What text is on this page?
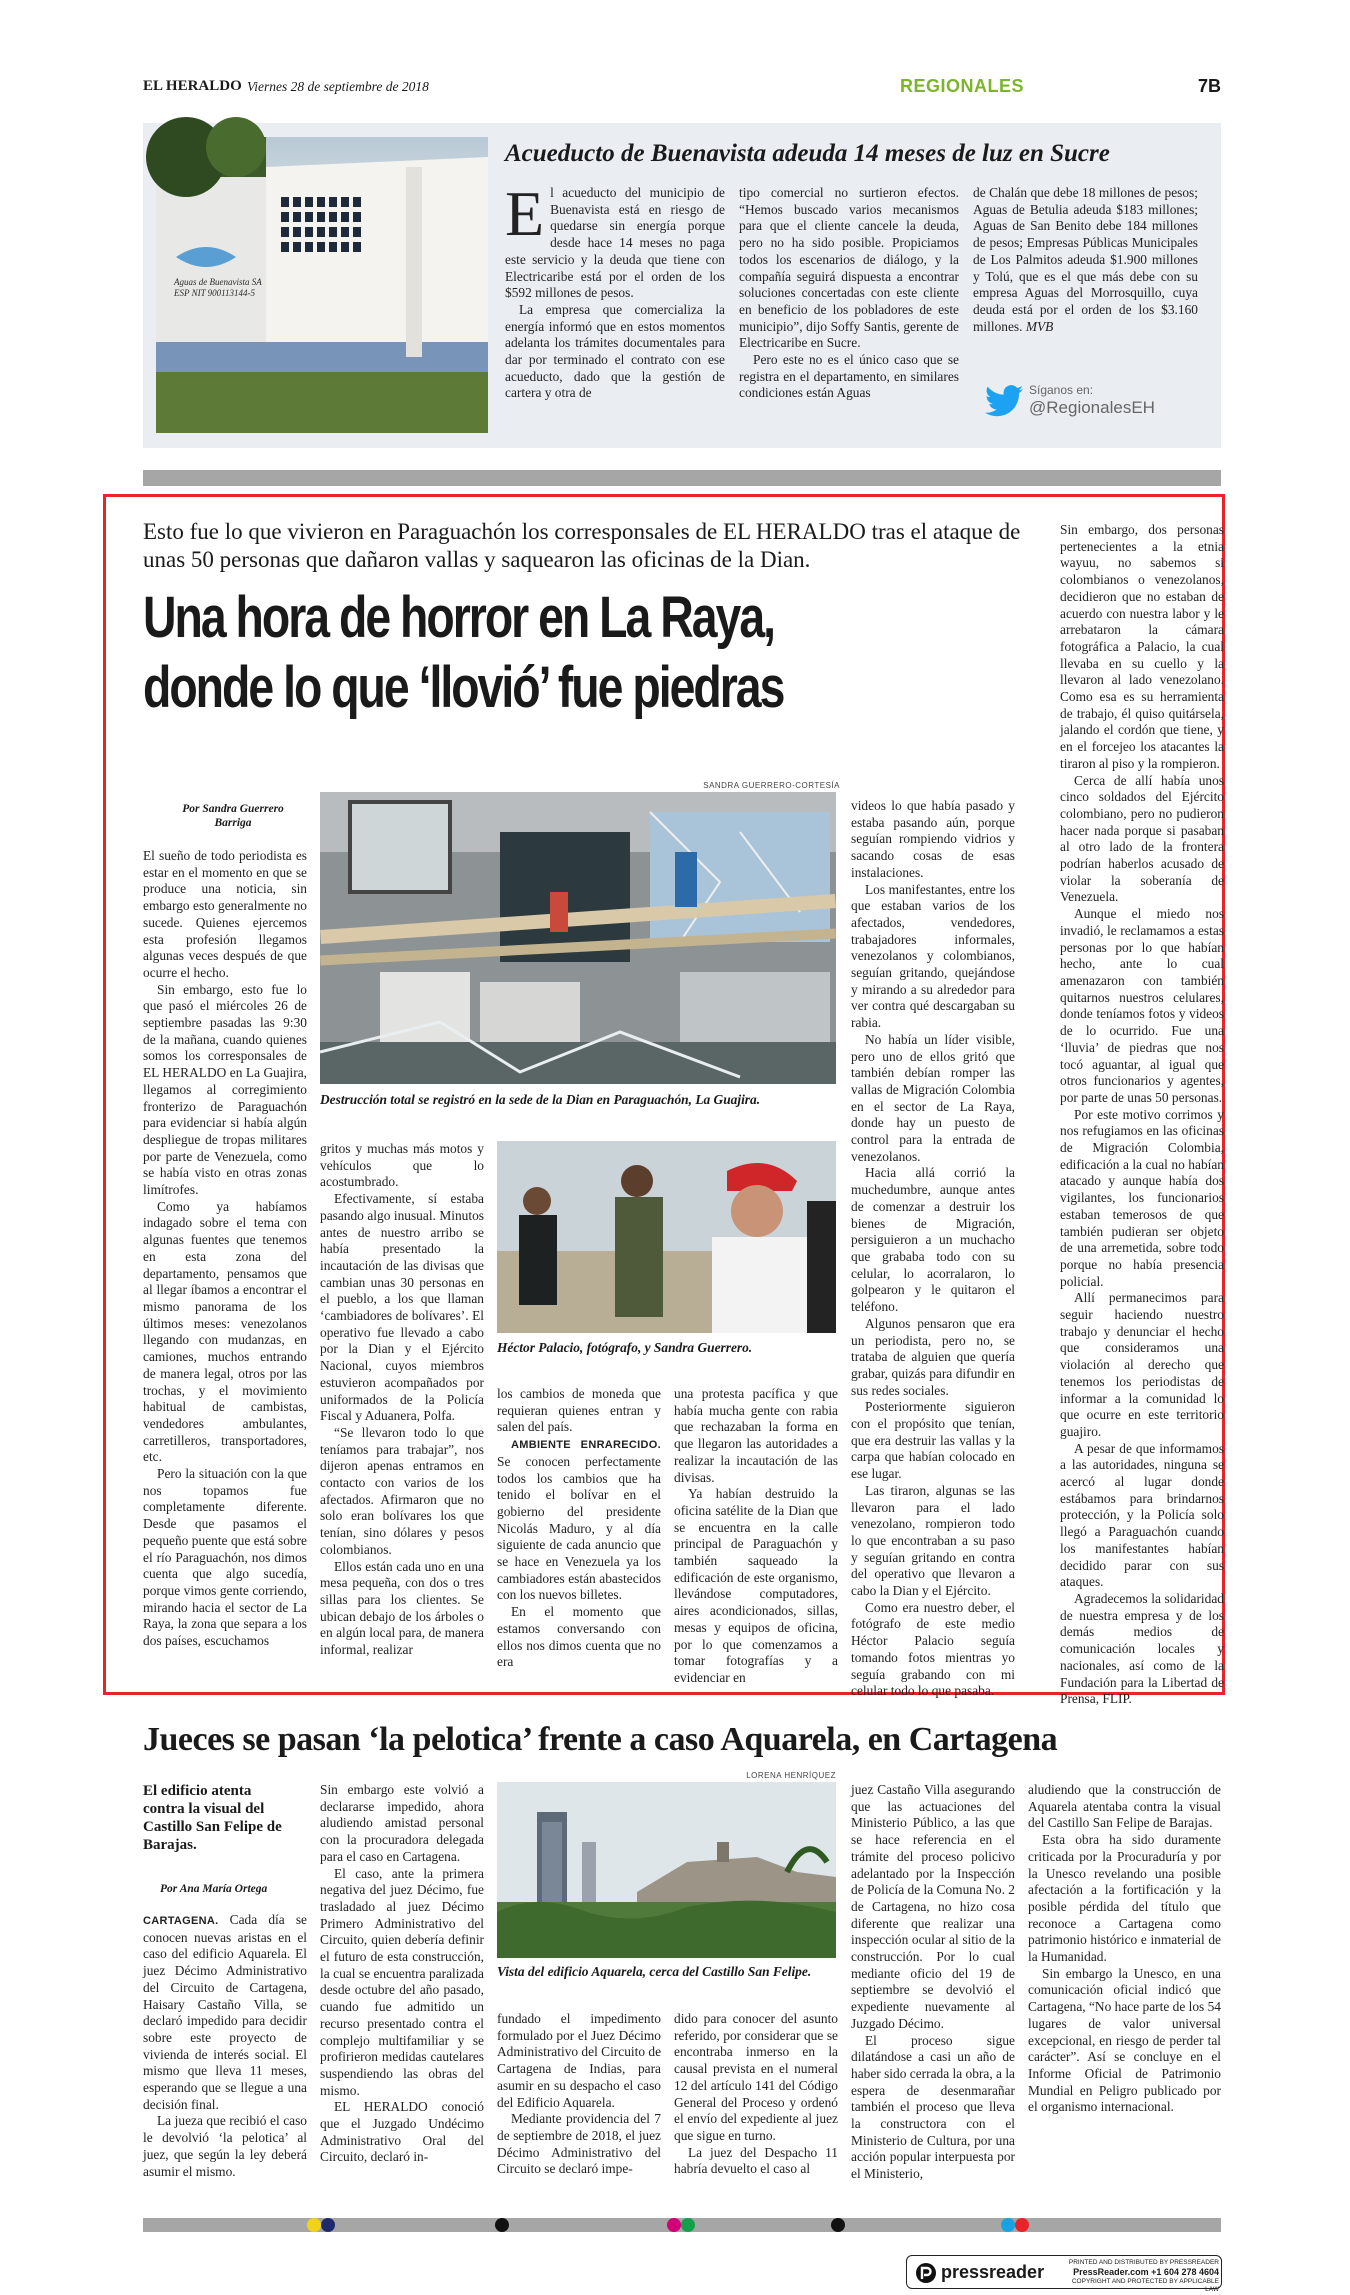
EL HERALDO Viernes 28 de septiembre de 2018	REGIONALES	7B
Aguas de Buenavista SA ESP NIT 900113144-5
Acueducto de Buenavista adeuda 14 meses de luz en Sucre

El acueducto del municipio de Buenavista está en riesgo de quedarse sin energía porque desde hace 14 meses no paga este servicio y la deuda que tiene con Electricaribe está por el orden de los $592 millones de pesos.

La empresa que comercializa la energía informó que en estos momentos adelanta los trámites documentales para dar por terminado el contrato con ese acueducto, dado que la gestión de cartera y otra de

tipo comercial no surtieron efectos. “Hemos buscado varios mecanismos para que el cliente cancele la deuda, pero no ha sido posible. Propiciamos todos los escenarios de diálogo, y la compañía seguirá dispuesta a encontrar soluciones concertadas con este cliente en beneficio de los pobladores de este municipio”, dijo Soffy Santis, gerente de Electricaribe en Sucre.

Pero este no es el único caso que se registra en el departamento, en similares condiciones están Aguas

de Chalán que debe 18 millones de pesos; Aguas de Betulia adeuda $183 millones; Aguas de San Benito debe 184 millones de pesos; Empresas Públicas Municipales de Los Palmitos adeuda $1.900 millones y Tolú, que es el que más debe con su empresa Aguas del Morrosquillo, cuya deuda está por el orden de los $3.160 millones. MVB

Síganos en:
@RegionalesEH
Esto fue lo que vivieron en Paraguachón los corresponsales de EL HERALDO tras el ataque de unas 50 personas que dañaron vallas y saquearon las oficinas de la Dian.
Una hora de horror en La Raya,
donde lo que ‘llovió’ fue piedras
SANDRA GUERRERO-CORTESÍA
Destrucción total se registró en la sede de la Dian en Paraguachón, La Guajira.
Héctor Palacio, fotógrafo, y Sandra Guerrero.
Por Sandra Guerrero Barriga

El sueño de todo periodista es estar en el momento en que se produce una noticia, sin embargo esto generalmente no sucede. Quienes ejercemos esta profesión llegamos algunas veces después de que ocurre el hecho.

Sin embargo, esto fue lo que pasó el miércoles 26 de septiembre pasadas las 9:30 de la mañana, cuando quienes somos los corresponsales de EL HERALDO en La Guajira, llegamos al corregimiento fronterizo de Paraguachón para evidenciar si había algún despliegue de tropas militares por parte de Venezuela, como se había visto en otras zonas limítrofes.

Como ya habíamos indagado sobre el tema con algunas fuentes que tenemos en esta zona del departamento, pensamos que al llegar íbamos a encontrar el mismo panorama de los últimos meses: venezolanos llegando con mudanzas, en camiones, muchos entrando de manera legal, otros por las trochas, y el movimiento habitual de cambistas, vendedores ambulantes, carretilleros, transportadores, etc.

Pero la situación con la que nos topamos fue completamente diferente. Desde que pasamos el pequeño puente que está sobre el río Paraguachón, nos dimos cuenta que algo sucedía, porque vimos gente corriendo, mirando hacia el sector de La Raya, la zona que separa a los dos países, escuchamos

gritos y muchas más motos y vehículos que lo acostumbrado.

Efectivamente, sí estaba pasando algo inusual. Minutos antes de nuestro arribo se había presentado la incautación de las divisas que cambian unas 30 personas en el pueblo, a los que llaman ‘cambiadores de bolívares’. El operativo fue llevado a cabo por la Dian y el Ejército Nacional, cuyos miembros estuvieron acompañados por uniformados de la Policía Fiscal y Aduanera, Polfa.

“Se llevaron todo lo que teníamos para trabajar”, nos dijeron apenas entramos en contacto con varios de los afectados. Afirmaron que no solo eran bolívares los que tenían, sino dólares y pesos colombianos.

Ellos están cada uno en una mesa pequeña, con dos o tres sillas para los clientes. Se ubican debajo de los árboles o en algún local para, de manera informal, realizar

los cambios de moneda que requieran quienes entran y salen del país.

AMBIENTE ENRARECIDO. Se conocen perfectamente todos los cambios que ha tenido el bolívar en el gobierno del presidente Nicolás Maduro, y al día siguiente de cada anuncio que se hace en Venezuela ya los cambiadores están abastecidos con los nuevos billetes.

En el momento que estamos conversando con ellos nos dimos cuenta que no era

una protesta pacífica y que había mucha gente con rabia que rechazaban la forma en que llegaron las autoridades a realizar la incautación de las divisas.

Ya habían destruido la oficina satélite de la Dian que se encuentra en la calle principal de Paraguachón y también saqueado la edificación de este organismo, llevándose computadores, aires acondicionados, sillas, mesas y equipos de oficina, por lo que comenzamos a tomar fotografías y a evidenciar en

videos lo que había pasado y estaba pasando aún, porque seguían rompiendo vidrios y sacando cosas de esas instalaciones.

Los manifestantes, entre los que estaban varios de los afectados, vendedores, trabajadores informales, venezolanos y colombianos, seguían gritando, quejándose y mirando a su alrededor para ver contra qué descargaban su rabia.

No había un líder visible, pero uno de ellos gritó que también debían romper las vallas de Migración Colombia en el sector de La Raya, donde hay un puesto de control para la entrada de venezolanos.

Hacia allá corrió la muchedumbre, aunque antes de comenzar a destruir los bienes de Migración, persiguieron a un muchacho que grababa todo con su celular, lo acorralaron, lo golpearon y le quitaron el teléfono.

Algunos pensaron que era un periodista, pero no, se trataba de alguien que quería grabar, quizás para difundir en sus redes sociales.

Posteriormente siguieron con el propósito que tenían, que era destruir las vallas y la carpa que habían colocado en ese lugar.

Las tiraron, algunas se las llevaron para el lado venezolano, rompieron todo lo que encontraban a su paso y seguían gritando en contra del operativo que llevaron a cabo la Dian y el Ejército.

Como era nuestro deber, el fotógrafo de este medio Héctor Palacio seguía tomando fotos mientras yo seguía grabando con mi celular todo lo que pasaba.

Sin embargo, dos personas pertenecientes a la etnia wayuu, no sabemos si colombianos o venezolanos, decidieron que no estaban de acuerdo con nuestra labor y le arrebataron la cámara fotográfica a Palacio, la cual llevaba en su cuello y la llevaron al lado venezolano. Como esa es su herramienta de trabajo, él quiso quitársela, jalando el cordón que tiene, y en el forcejeo los atacantes la tiraron al piso y la rompieron.

Cerca de allí había unos cinco soldados del Ejército colombiano, pero no pudieron hacer nada porque si pasaban al otro lado de la frontera podrían haberlos acusado de violar la soberanía de Venezuela.

Aunque el miedo nos invadió, le reclamamos a estas personas por lo que habían hecho, ante lo cual amenazaron con también quitarnos nuestros celulares, donde teníamos fotos y videos de lo ocurrido. Fue una ‘lluvia’ de piedras que nos tocó aguantar, al igual que otros funcionarios y agentes, por parte de unas 50 personas.

Por este motivo corrimos y nos refugiamos en las oficinas de Migración Colombia, edificación a la cual no habían atacado y aunque había dos vigilantes, los funcionarios estaban temerosos de que también pudieran ser objeto de una arremetida, sobre todo porque no había presencia policial.

Allí permanecimos para seguir haciendo nuestro trabajo y denunciar el hecho que consideramos una violación al derecho que tenemos los periodistas de informar a la comunidad lo que ocurre en este territorio guajiro.

A pesar de que informamos a las autoridades, ninguna se acercó al lugar donde estábamos para brindarnos protección, y la Policía solo llegó a Paraguachón cuando los manifestantes habían decidido parar con sus ataques.

Agradecemos la solidaridad de nuestra empresa y de los demás medios de comunicación locales y nacionales, así como de la Fundación para la Libertad de Prensa, FLIP.

Jueces se pasan ‘la pelotica’ frente a caso Aquarela, en Cartagena
El edificio atenta contra la visual del Castillo San Felipe de Barajas.
Por Ana María Ortega

CARTAGENA. Cada día se conocen nuevas aristas en el caso del edificio Aquarela. El juez Décimo Administrativo del Circuito de Cartagena, Haisary Castaño Villa, se declaró impedido para decidir sobre este proyecto de vivienda de interés social. El mismo que lleva 11 meses, esperando que se llegue a una decisión final.

La jueza que recibió el caso le devolvió ‘la pelotica’ al juez, que según la ley deberá asumir el mismo.

Sin embargo este volvió a declararse impedido, ahora aludiendo amistad personal con la procuradora delegada para el caso en Cartagena.

El caso, ante la primera negativa del juez Décimo, fue trasladado al juez Décimo Primero Administrativo del Circuito, quien debería definir el futuro de esta construcción, la cual se encuentra paralizada desde octubre del año pasado, cuando fue admitido un recurso presentado contra el complejo multifamiliar y se profirieron medidas cautelares suspendiendo las obras del mismo.

EL HERALDO conoció que el Juzgado Undécimo Administrativo Oral del Circuito, declaró in-

LORENA HENRÍQUEZ
Vista del edificio Aquarela, cerca del Castillo San Felipe.

fundado el impedimento formulado por el Juez Décimo Administrativo del Circuito de Cartagena de Indias, para asumir en su despacho el caso del Edificio Aquarela.

Mediante providencia del 7 de septiembre de 2018, el juez Décimo Administrativo del Circuito se declaró impe-

dido para conocer del asunto referido, por considerar que se encontraba inmerso en la causal prevista en el numeral 12 del artículo 141 del Código General del Proceso y ordenó el envío del expediente al juez que sigue en turno.

La juez del Despacho 11 habría devuelto el caso al

juez Castaño Villa asegurando que las actuaciones del Ministerio Público, a las que se hace referencia en el trámite del proceso policivo adelantado por la Inspección de Policía de la Comuna No. 2 de Cartagena, no hizo cosa diferente que realizar una inspección ocular al sitio de la construcción. Por lo cual mediante oficio del 19 de septiembre se devolvió el expediente nuevamente al Juzgado Décimo.

El proceso sigue dilatándose a casi un año de haber sido cerrada la obra, a la espera de desenmarañar también el proceso que lleva la constructora con el Ministerio de Cultura, por una acción popular interpuesta por el Ministerio,

aludiendo que la construcción de Aquarela atentaba contra la visual del Castillo San Felipe de Barajas.

Esta obra ha sido duramente criticada por la Procuraduría y por la Unesco revelando una posible afectación a la fortificación y la posible pérdida del título que reconoce a Cartagena como patrimonio histórico e inmaterial de la Humanidad.

Sin embargo la Unesco, en una comunicación oficial indicó que Cartagena, “No hace parte de los 54 lugares de valor universal excepcional, en riesgo de perder tal carácter”. Así se concluye en el Informe Oficial de Patrimonio Mundial en Peligro publicado por el organismo internacional.

pressreader	PRINTED AND DISTRIBUTED BY PRESSREADER
PressReader.com +1 604 278 4604
COPYRIGHT AND PROTECTED BY APPLICABLE LAW
